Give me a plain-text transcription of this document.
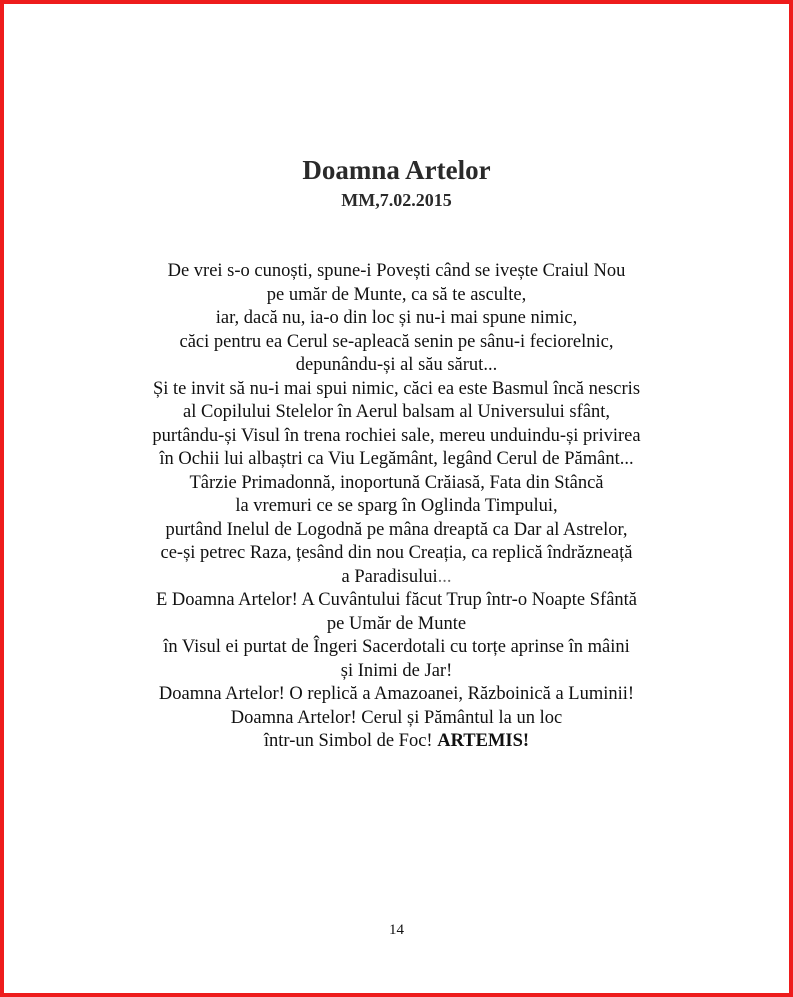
Doamna Artelor
MM,7.02.2015
De vrei s-o cunoști, spune-i Povești când se ivește Craiul Nou
pe umăr de Munte, ca să te asculte,
iar, dacă nu, ia-o din loc și nu-i mai spune nimic,
căci pentru ea Cerul se-apleacă senin pe sânu-i feciorelnic,
depunându-și al său sărut...
Și te invit să nu-i mai spui nimic, căci ea este Basmul încă nescris
al Copilului Stelelor în Aerul balsam al Universului sfânt,
purtându-și Visul în trena rochiei sale, mereu unduindu-și privirea
în Ochii lui albaștri ca Viu Legământ, legând Cerul de Pământ...
Târzie Primadonnă, inoportună Crăiasă, Fata din Stâncă
la vremuri ce se sparg în Oglinda Timpului,
purtând Inelul de Logodnă pe mâna dreaptă ca Dar al Astrelor,
ce-și petrec Raza, țesând din nou Creația, ca replică îndrăzneață
a Paradisului...
E Doamna Artelor! A Cuvântului făcut Trup într-o Noapte Sfântă
pe Umăr de Munte
în Visul ei purtat de Îngeri Sacerdotali cu torțe aprinse în mâini
și Inimi de Jar!
Doamna Artelor! O replică a Amazoanei, Războinică a Luminii!
Doamna Artelor! Cerul și Pământul la un loc
într-un Simbol de Foc! ARTEMIS!
14
